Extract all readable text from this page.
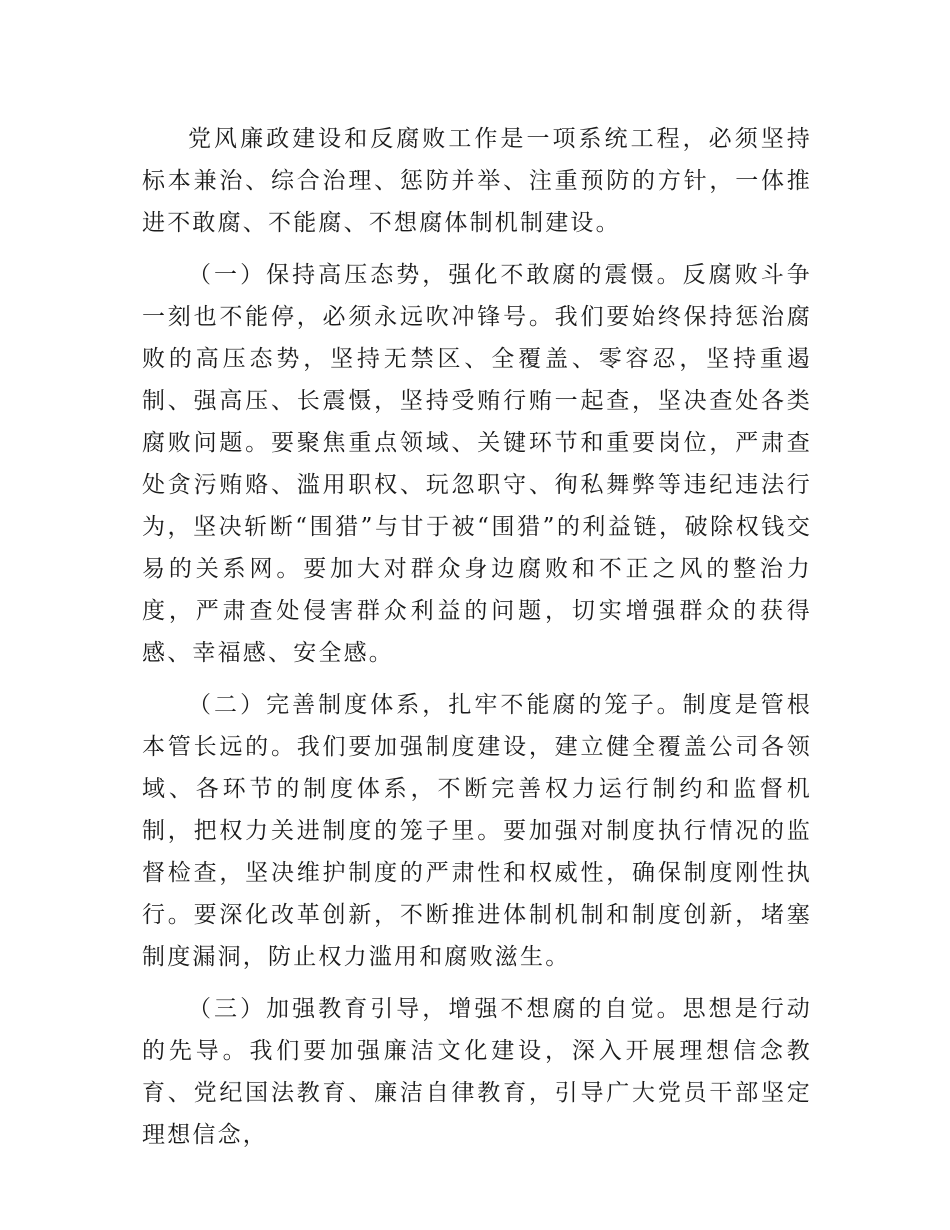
党风廉政建设和反腐败工作是一项系统工程，必须坚持标本兼治、综合治理、惩防并举、注重预防的方针，一体推进不敢腐、不能腐、不想腐体制机制建设。

（一）保持高压态势，强化不敢腐的震慑。反腐败斗争一刻也不能停，必须永远吹冲锋号。我们要始终保持惩治腐败的高压态势，坚持无禁区、全覆盖、零容忍，坚持重遏制、强高压、长震慑，坚持受贿行贿一起查，坚决查处各类腐败问题。要聚焦重点领域、关键环节和重要岗位，严肃查处贪污贿赂、滥用职权、玩忽职守、徇私舞弊等违纪违法行为，坚决斩断“围猎”与甘于被“围猎”的利益链，破除权钱交易的关系网。要加大对群众身边腐败和不正之风的整治力度，严肃查处侵害群众利益的问题，切实增强群众的获得感、幸福感、安全感。

（二）完善制度体系，扎牢不能腐的笼子。制度是管根本管长远的。我们要加强制度建设，建立健全覆盖公司各领域、各环节的制度体系，不断完善权力运行制约和监督机制，把权力关进制度的笼子里。要加强对制度执行情况的监督检查，坚决维护制度的严肃性和权威性，确保制度刚性执行。要深化改革创新，不断推进体制机制和制度创新，堵塞制度漏洞，防止权力滥用和腐败滋生。

（三）加强教育引导，增强不想腐的自觉。思想是行动的先导。我们要加强廉洁文化建设，深入开展理想信念教育、党纪国法教育、廉洁自律教育，引导广大党员干部坚定理想信念，
